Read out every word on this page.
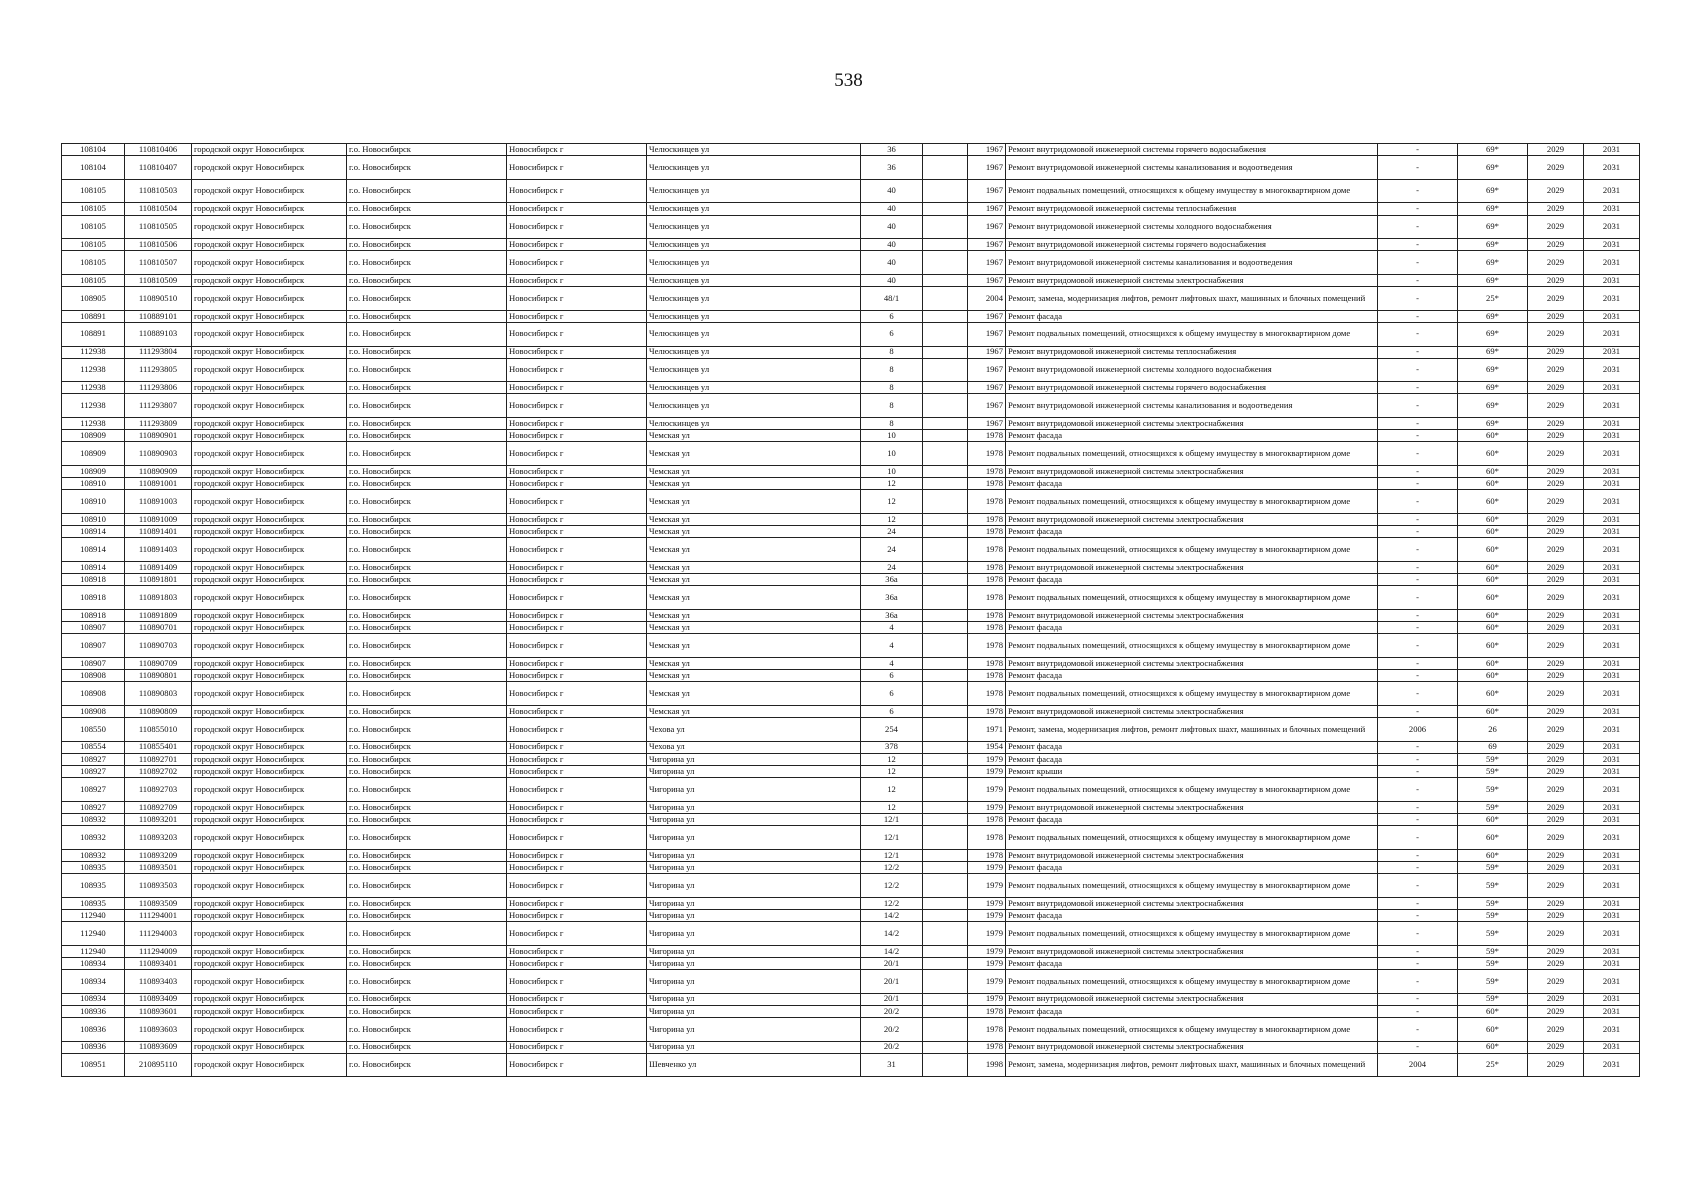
538
108104	110810406	городской округ Новосибирск	г.о. Новосибирск	Новосибирск г	Челюскинцев ул	36		1967	Ремонт внутридомовой инженерной системы горячего водоснабжения	-	69*	2029	2031
108104	110810407	городской округ Новосибирск	г.о. Новосибирск	Новосибирск г	Челюскинцев ул	36		1967	Ремонт внутридомовой инженерной системы канализования и водоотведения	-	69*	2029	2031
108105	110810503	городской округ Новосибирск	г.о. Новосибирск	Новосибирск г	Челюскинцев ул	40		1967	Ремонт подвальных помещений, относящихся к общему имуществу в многоквартирном доме	-	69*	2029	2031
108105	110810504	городской округ Новосибирск	г.о. Новосибирск	Новосибирск г	Челюскинцев ул	40		1967	Ремонт внутридомовой инженерной системы теплоснабжения	-	69*	2029	2031
108105	110810505	городской округ Новосибирск	г.о. Новосибирск	Новосибирск г	Челюскинцев ул	40		1967	Ремонт внутридомовой инженерной системы холодного водоснабжения	-	69*	2029	2031
108105	110810506	городской округ Новосибирск	г.о. Новосибирск	Новосибирск г	Челюскинцев ул	40		1967	Ремонт внутридомовой инженерной системы горячего водоснабжения	-	69*	2029	2031
108105	110810507	городской округ Новосибирск	г.о. Новосибирск	Новосибирск г	Челюскинцев ул	40		1967	Ремонт внутридомовой инженерной системы канализования и водоотведения	-	69*	2029	2031
108105	110810509	городской округ Новосибирск	г.о. Новосибирск	Новосибирск г	Челюскинцев ул	40		1967	Ремонт внутридомовой инженерной системы электроснабжения	-	69*	2029	2031
108905	110890510	городской округ Новосибирск	г.о. Новосибирск	Новосибирск г	Челюскинцев ул	48/1		2004	Ремонт, замена, модернизация лифтов, ремонт лифтовых шахт, машинных и блочных помещений	-	25*	2029	2031
108891	110889101	городской округ Новосибирск	г.о. Новосибирск	Новосибирск г	Челюскинцев ул	6		1967	Ремонт фасада	-	69*	2029	2031
108891	110889103	городской округ Новосибирск	г.о. Новосибирск	Новосибирск г	Челюскинцев ул	6		1967	Ремонт подвальных помещений, относящихся к общему имуществу в многоквартирном доме	-	69*	2029	2031
112938	111293804	городской округ Новосибирск	г.о. Новосибирск	Новосибирск г	Челюскинцев ул	8		1967	Ремонт внутридомовой инженерной системы теплоснабжения	-	69*	2029	2031
112938	111293805	городской округ Новосибирск	г.о. Новосибирск	Новосибирск г	Челюскинцев ул	8		1967	Ремонт внутридомовой инженерной системы холодного водоснабжения	-	69*	2029	2031
112938	111293806	городской округ Новосибирск	г.о. Новосибирск	Новосибирск г	Челюскинцев ул	8		1967	Ремонт внутридомовой инженерной системы горячего водоснабжения	-	69*	2029	2031
112938	111293807	городской округ Новосибирск	г.о. Новосибирск	Новосибирск г	Челюскинцев ул	8		1967	Ремонт внутридомовой инженерной системы канализования и водоотведения	-	69*	2029	2031
112938	111293809	городской округ Новосибирск	г.о. Новосибирск	Новосибирск г	Челюскинцев ул	8		1967	Ремонт внутридомовой инженерной системы электроснабжения	-	69*	2029	2031
108909	110890901	городской округ Новосибирск	г.о. Новосибирск	Новосибирск г	Чемская ул	10		1978	Ремонт фасада	-	60*	2029	2031
108909	110890903	городской округ Новосибирск	г.о. Новосибирск	Новосибирск г	Чемская ул	10		1978	Ремонт подвальных помещений, относящихся к общему имуществу в многоквартирном доме	-	60*	2029	2031
108909	110890909	городской округ Новосибирск	г.о. Новосибирск	Новосибирск г	Чемская ул	10		1978	Ремонт внутридомовой инженерной системы электроснабжения	-	60*	2029	2031
108910	110891001	городской округ Новосибирск	г.о. Новосибирск	Новосибирск г	Чемская ул	12		1978	Ремонт фасада	-	60*	2029	2031
108910	110891003	городской округ Новосибирск	г.о. Новосибирск	Новосибирск г	Чемская ул	12		1978	Ремонт подвальных помещений, относящихся к общему имуществу в многоквартирном доме	-	60*	2029	2031
108910	110891009	городской округ Новосибирск	г.о. Новосибирск	Новосибирск г	Чемская ул	12		1978	Ремонт внутридомовой инженерной системы электроснабжения	-	60*	2029	2031
108914	110891401	городской округ Новосибирск	г.о. Новосибирск	Новосибирск г	Чемская ул	24		1978	Ремонт фасада	-	60*	2029	2031
108914	110891403	городской округ Новосибирск	г.о. Новосибирск	Новосибирск г	Чемская ул	24		1978	Ремонт подвальных помещений, относящихся к общему имуществу в многоквартирном доме	-	60*	2029	2031
108914	110891409	городской округ Новосибирск	г.о. Новосибирск	Новосибирск г	Чемская ул	24		1978	Ремонт внутридомовой инженерной системы электроснабжения	-	60*	2029	2031
108918	110891801	городской округ Новосибирск	г.о. Новосибирск	Новосибирск г	Чемская ул	36а		1978	Ремонт фасада	-	60*	2029	2031
108918	110891803	городской округ Новосибирск	г.о. Новосибирск	Новосибирск г	Чемская ул	36а		1978	Ремонт подвальных помещений, относящихся к общему имуществу в многоквартирном доме	-	60*	2029	2031
108918	110891809	городской округ Новосибирск	г.о. Новосибирск	Новосибирск г	Чемская ул	36а		1978	Ремонт внутридомовой инженерной системы электроснабжения	-	60*	2029	2031
108907	110890701	городской округ Новосибирск	г.о. Новосибирск	Новосибирск г	Чемская ул	4		1978	Ремонт фасада	-	60*	2029	2031
108907	110890703	городской округ Новосибирск	г.о. Новосибирск	Новосибирск г	Чемская ул	4		1978	Ремонт подвальных помещений, относящихся к общему имуществу в многоквартирном доме	-	60*	2029	2031
108907	110890709	городской округ Новосибирск	г.о. Новосибирск	Новосибирск г	Чемская ул	4		1978	Ремонт внутридомовой инженерной системы электроснабжения	-	60*	2029	2031
108908	110890801	городской округ Новосибирск	г.о. Новосибирск	Новосибирск г	Чемская ул	6		1978	Ремонт фасада	-	60*	2029	2031
108908	110890803	городской округ Новосибирск	г.о. Новосибирск	Новосибирск г	Чемская ул	6		1978	Ремонт подвальных помещений, относящихся к общему имуществу в многоквартирном доме	-	60*	2029	2031
108908	110890809	городской округ Новосибирск	г.о. Новосибирск	Новосибирск г	Чемская ул	6		1978	Ремонт внутридомовой инженерной системы электроснабжения	-	60*	2029	2031
108550	110855010	городской округ Новосибирск	г.о. Новосибирск	Новосибирск г	Чехова ул	254		1971	Ремонт, замена, модернизация лифтов, ремонт лифтовых шахт, машинных и блочных помещений	2006	26	2029	2031
108554	110855401	городской округ Новосибирск	г.о. Новосибирск	Новосибирск г	Чехова ул	378		1954	Ремонт фасада	-	69	2029	2031
108927	110892701	городской округ Новосибирск	г.о. Новосибирск	Новосибирск г	Чигорина ул	12		1979	Ремонт фасада	-	59*	2029	2031
108927	110892702	городской округ Новосибирск	г.о. Новосибирск	Новосибирск г	Чигорина ул	12		1979	Ремонт крыши	-	59*	2029	2031
108927	110892703	городской округ Новосибирск	г.о. Новосибирск	Новосибирск г	Чигорина ул	12		1979	Ремонт подвальных помещений, относящихся к общему имуществу в многоквартирном доме	-	59*	2029	2031
108927	110892709	городской округ Новосибирск	г.о. Новосибирск	Новосибирск г	Чигорина ул	12		1979	Ремонт внутридомовой инженерной системы электроснабжения	-	59*	2029	2031
108932	110893201	городской округ Новосибирск	г.о. Новосибирск	Новосибирск г	Чигорина ул	12/1		1978	Ремонт фасада	-	60*	2029	2031
108932	110893203	городской округ Новосибирск	г.о. Новосибирск	Новосибирск г	Чигорина ул	12/1		1978	Ремонт подвальных помещений, относящихся к общему имуществу в многоквартирном доме	-	60*	2029	2031
108932	110893209	городской округ Новосибирск	г.о. Новосибирск	Новосибирск г	Чигорина ул	12/1		1978	Ремонт внутридомовой инженерной системы электроснабжения	-	60*	2029	2031
108935	110893501	городской округ Новосибирск	г.о. Новосибирск	Новосибирск г	Чигорина ул	12/2		1979	Ремонт фасада	-	59*	2029	2031
108935	110893503	городской округ Новосибирск	г.о. Новосибирск	Новосибирск г	Чигорина ул	12/2		1979	Ремонт подвальных помещений, относящихся к общему имуществу в многоквартирном доме	-	59*	2029	2031
108935	110893509	городской округ Новосибирск	г.о. Новосибирск	Новосибирск г	Чигорина ул	12/2		1979	Ремонт внутридомовой инженерной системы электроснабжения	-	59*	2029	2031
112940	111294001	городской округ Новосибирск	г.о. Новосибирск	Новосибирск г	Чигорина ул	14/2		1979	Ремонт фасада	-	59*	2029	2031
112940	111294003	городской округ Новосибирск	г.о. Новосибирск	Новосибирск г	Чигорина ул	14/2		1979	Ремонт подвальных помещений, относящихся к общему имуществу в многоквартирном доме	-	59*	2029	2031
112940	111294009	городской округ Новосибирск	г.о. Новосибирск	Новосибирск г	Чигорина ул	14/2		1979	Ремонт внутридомовой инженерной системы электроснабжения	-	59*	2029	2031
108934	110893401	городской округ Новосибирск	г.о. Новосибирск	Новосибирск г	Чигорина ул	20/1		1979	Ремонт фасада	-	59*	2029	2031
108934	110893403	городской округ Новосибирск	г.о. Новосибирск	Новосибирск г	Чигорина ул	20/1		1979	Ремонт подвальных помещений, относящихся к общему имуществу в многоквартирном доме	-	59*	2029	2031
108934	110893409	городской округ Новосибирск	г.о. Новосибирск	Новосибирск г	Чигорина ул	20/1		1979	Ремонт внутридомовой инженерной системы электроснабжения	-	59*	2029	2031
108936	110893601	городской округ Новосибирск	г.о. Новосибирск	Новосибирск г	Чигорина ул	20/2		1978	Ремонт фасада	-	60*	2029	2031
108936	110893603	городской округ Новосибирск	г.о. Новосибирск	Новосибирск г	Чигорина ул	20/2		1978	Ремонт подвальных помещений, относящихся к общему имуществу в многоквартирном доме	-	60*	2029	2031
108936	110893609	городской округ Новосибирск	г.о. Новосибирск	Новосибирск г	Чигорина ул	20/2		1978	Ремонт внутридомовой инженерной системы электроснабжения	-	60*	2029	2031
108951	210895110	городской округ Новосибирск	г.о. Новосибирск	Новосибирск г	Шевченко ул	31		1998	Ремонт, замена, модернизация лифтов, ремонт лифтовых шахт, машинных и блочных помещений	2004	25*	2029	2031
